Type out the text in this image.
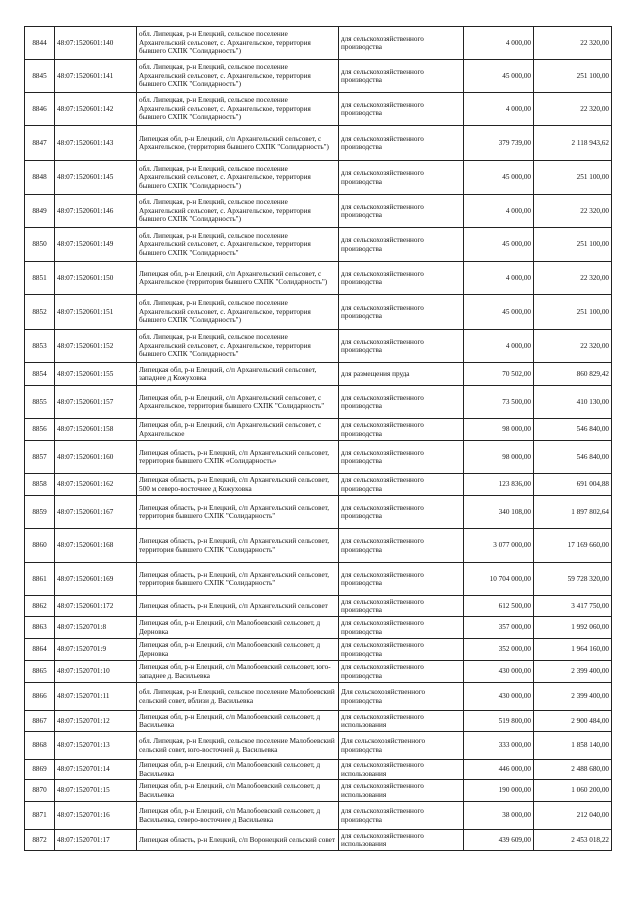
8844	48:07:1520601:140	обл. Липецкая, р-н Елецкий, сельское поселение Архангельский сельсовет, с. Архангельское, территория бывшего СХПК "Солидарность")	для сельскохозяйственного производства	4 000,00	22 320,00
8845	48:07:1520601:141	обл. Липецкая, р-н Елецкий, сельское поселение Архангельский сельсовет, с. Архангельское, территория бывшего СХПК "Солидарность")	для сельскохозяйственного производства	45 000,00	251 100,00
8846	48:07:1520601:142	обл. Липецкая, р-н Елецкий, сельское поселение Архангельский сельсовет, с. Архангельское, территория бывшего СХПК "Солидарность")	для сельскохозяйственного производства	4 000,00	22 320,00
8847	48:07:1520601:143	Липецкая обл, р-н Елецкий, с/п Архангельский сельсовет, с Архангельское, (территория бывшего СХПК "Солидарность")	для сельскохозяйственного производства	379 739,00	2 118 943,62
8848	48:07:1520601:145	обл. Липецкая, р-н Елецкий, сельское поселение Архангельский сельсовет, с. Архангельское, территория бывшего СХПК "Солидарность")	для сельскохозяйственного производства	45 000,00	251 100,00
8849	48:07:1520601:146	обл. Липецкая, р-н Елецкий, сельское поселение Архангельский сельсовет, с. Архангельское, территория бывшего СХПК "Солидарность")	для сельскохозяйственного производства	4 000,00	22 320,00
8850	48:07:1520601:149	обл. Липецкая, р-н Елецкий, сельское поселение Архангельский сельсовет, с. Архангельское, территория бывшего СХПК "Солидарность"	для сельскохозяйственного производства	45 000,00	251 100,00
8851	48:07:1520601:150	Липецкая обл, р-н Елецкий, с/п Архангельский сельсовет, с Архангельское (территория бывшего СХПК "Солидарность")	для сельскохозяйственного производства	4 000,00	22 320,00
8852	48:07:1520601:151	обл. Липецкая, р-н Елецкий, сельское поселение Архангельский сельсовет, с. Архангельское, территория бывшего СХПК "Солидарность")	для сельскохозяйственного производства	45 000,00	251 100,00
8853	48:07:1520601:152	обл. Липецкая, р-н Елецкий, сельское поселение Архангельский сельсовет, с. Архангельское, территория бывшего СХПК "Солидарность"	для сельскохозяйственного производства	4 000,00	22 320,00
8854	48:07:1520601:155	Липецкая обл, р-н Елецкий, с/п Архангельский сельсовет, западнее д Кожуховка	для размещения пруда	70 502,00	860 829,42
8855	48:07:1520601:157	Липецкая обл, р-н Елецкий, с/п Архангельский сельсовет, с Архангельское, территория бывшего СХПК "Солидарность"	для сельскохозяйственного производства	73 500,00	410 130,00
8856	48:07:1520601:158	Липецкая обл, р-н Елецкий, с/п Архангельский сельсовет, с Архангельское	для сельскохозяйственного производства	98 000,00	546 840,00
8857	48:07:1520601:160	Липецкая область, р-н Елецкий, с/п Архангельский сельсовет, территория бывшего СХПК «Солидарность»	для сельскохозяйственного производства	98 000,00	546 840,00
8858	48:07:1520601:162	Липецкая область, р-н Елецкий, с/п Архангельский сельсовет, 500 м северо-восточнее д Кожуховка	для сельскохозяйственного производства	123 836,00	691 004,88
8859	48:07:1520601:167	Липецкая область, р-н Елецкий, с/п Архангельский сельсовет, территория бывшего СХПК "Солидарность"	для сельскохозяйственного производства	340 108,00	1 897 802,64
8860	48:07:1520601:168	Липецкая область, р-н Елецкий, с/п Архангельский сельсовет, территория бывшего СХПК "Солидарность"	для сельскохозяйственного производства	3 077 000,00	17 169 660,00
8861	48:07:1520601:169	Липецкая область, р-н Елецкий, с/п Архангельский сельсовет, территория бывшего СХПК "Солидарность"	для сельскохозяйственного производства	10 704 000,00	59 728 320,00
8862	48:07:1520601:172	Липецкая область, р-н Елецкий, с/п Архангельский сельсовет	для сельскохозяйственного производства	612 500,00	3 417 750,00
8863	48:07:1520701:8	Липецкая обл, р-н Елецкий, с/п Малобоевский сельсовет, д Дерновка	для сельскохозяйственного производства	357 000,00	1 992 060,00
8864	48:07:1520701:9	Липецкая обл, р-н Елецкий, с/п Малобоевский сельсовет, д Дерновка	для сельскохозяйственного производства	352 000,00	1 964 160,00
8865	48:07:1520701:10	Липецкая обл, р-н Елецкий, с/п Малобоевский сельсовет, юго-западнее д. Васильевка	для сельскохозяйственного производства	430 000,00	2 399 400,00
8866	48:07:1520701:11	обл. Липецкая, р-н Елецкий, сельское поселение Малобоевский сельский совет, вблизи д. Васильевка	Для сельскохозяйственного производства	430 000,00	2 399 400,00
8867	48:07:1520701:12	Липецкая обл, р-н Елецкий, с/п Малобоевский сельсовет, д Васильевка	для сельскохозяйственного использования	519 800,00	2 900 484,00
8868	48:07:1520701:13	обл. Липецкая, р-н Елецкий, сельское поселение Малобоевский сельский совет, юго-восточней д. Васильевка	Для сельскохозяйственного производства	333 000,00	1 858 140,00
8869	48:07:1520701:14	Липецкая обл, р-н Елецкий, с/п Малобоевский сельсовет, д Васильевка	для сельскохозяйственного использования	446 000,00	2 488 680,00
8870	48:07:1520701:15	Липецкая обл, р-н Елецкий, с/п Малобоевский сельсовет, д Васильевка	для сельскохозяйственного использования	190 000,00	1 060 200,00
8871	48:07:1520701:16	Липецкая обл, р-н Елецкий, с/п Малобоевский сельсовет, д Васильевка, северо-восточнее д Васильевка	для сельскохозяйственного производства	38 000,00	212 040,00
8872	48:07:1520701:17	Липецкая область, р-н Елецкий, с/п Воронецкий сельский совет	для сельскохозяйственного использования	439 609,00	2 453 018,22
